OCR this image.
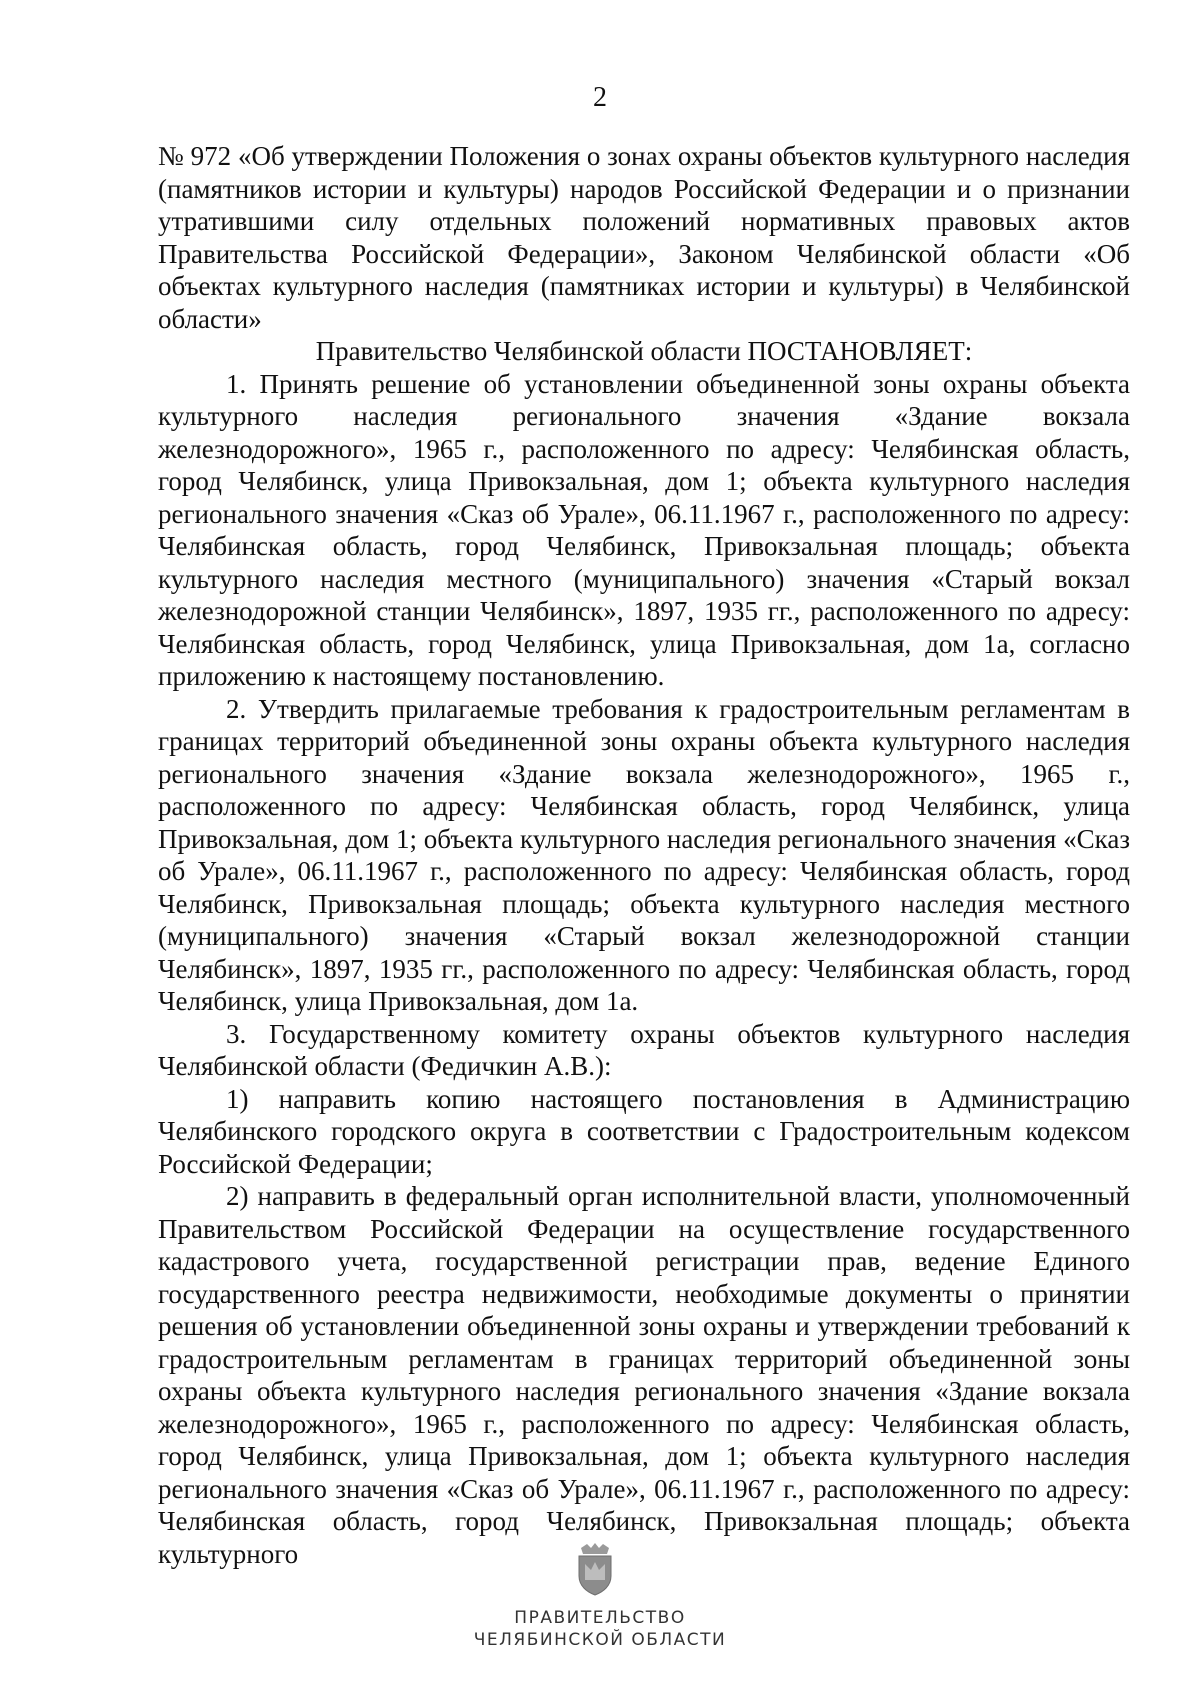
2

№ 972 «Об утверждении Положения о зонах охраны объектов культурного наследия (памятников истории и культуры) народов Российской Федерации и о признании утратившими силу отдельных положений нормативных правовых актов Правительства Российской Федерации», Законом Челябинской области «Об объектах культурного наследия (памятниках истории и культуры) в Челябинской области»

Правительство Челябинской области ПОСТАНОВЛЯЕТ:

1. Принять решение об установлении объединенной зоны охраны объекта культурного наследия регионального значения «Здание вокзала железнодорожного», 1965 г., расположенного по адресу: Челябинская область, город Челябинск, улица Привокзальная, дом 1; объекта культурного наследия регионального значения «Сказ об Урале», 06.11.1967 г., расположенного по адресу: Челябинская область, город Челябинск, Привокзальная площадь; объекта культурного наследия местного (муниципального) значения «Старый вокзал железнодорожной станции Челябинск», 1897, 1935 гг., расположенного по адресу: Челябинская область, город Челябинск, улица Привокзальная, дом 1а, согласно приложению к настоящему постановлению.

2. Утвердить прилагаемые требования к градостроительным регламентам в границах территорий объединенной зоны охраны объекта культурного наследия регионального значения «Здание вокзала железнодорожного», 1965 г., расположенного по адресу: Челябинская область, город Челябинск, улица Привокзальная, дом 1; объекта культурного наследия регионального значения «Сказ об Урале», 06.11.1967 г., расположенного по адресу: Челябинская область, город Челябинск, Привокзальная площадь; объекта культурного наследия местного (муниципального) значения «Старый вокзал железнодорожной станции Челябинск», 1897, 1935 гг., расположенного по адресу: Челябинская область, город Челябинск, улица Привокзальная, дом 1а.

3. Государственному комитету охраны объектов культурного наследия Челябинской области (Федичкин А.В.):

1) направить копию настоящего постановления в Администрацию Челябинского городского округа в соответствии с Градостроительным кодексом Российской Федерации;

2) направить в федеральный орган исполнительной власти, уполномоченный Правительством Российской Федерации на осуществление государственного кадастрового учета, государственной регистрации прав, ведение Единого государственного реестра недвижимости, необходимые документы о принятии решения об установлении объединенной зоны охраны и утверждении требований к градостроительным регламентам в границах территорий объединенной зоны охраны объекта культурного наследия регионального значения «Здание вокзала железнодорожного», 1965 г., расположенного по адресу: Челябинская область, город Челябинск, улица Привокзальная, дом 1; объекта культурного наследия регионального значения «Сказ об Урале», 06.11.1967 г., расположенного по адресу: Челябинская область, город Челябинск, Привокзальная площадь; объекта культурного

ПРАВИТЕЛЬСТВО
ЧЕЛЯБИНСКОЙ ОБЛАСТИ
